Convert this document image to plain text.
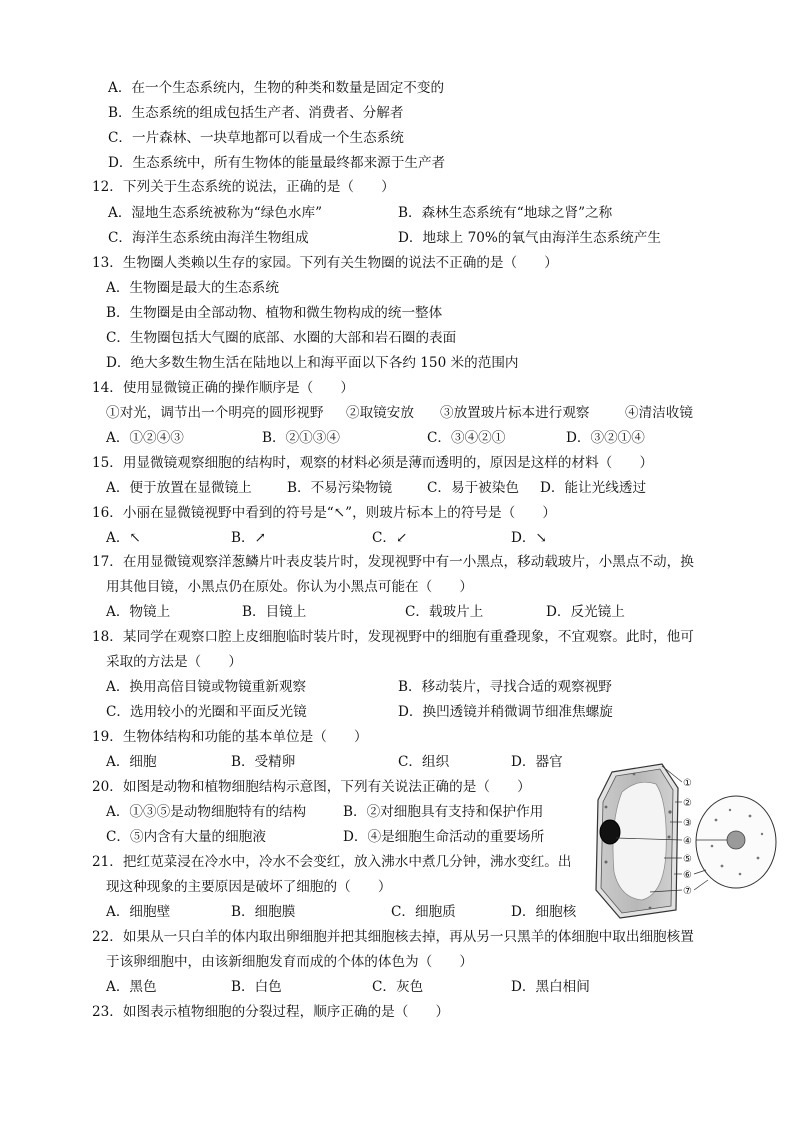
A．在一个生态系统内，生物的种类和数量是固定不变的
B．生态系统的组成包括生产者、消费者、分解者
C．一片森林、一块草地都可以看成一个生态系统
D．生态系统中，所有生物体的能量最终都来源于生产者
12．下列关于生态系统的说法，正确的是（　　）
A．湿地生态系统被称为“绿色水库”	B．森林生态系统有“地球之肾”之称
C．海洋生态系统由海洋生物组成	D．地球上 70%的氧气由海洋生态系统产生
13．生物圈人类赖以生存的家园。下列有关生物圈的说法不正确的是（　　）
A．生物圈是最大的生态系统
B．生物圈是由全部动物、植物和微生物构成的统一整体
C．生物圈包括大气圈的底部、水圈的大部和岩石圈的表面
D．绝大多数生物生活在陆地以上和海平面以下各约 150 米的范围内
14．使用显微镜正确的操作顺序是（　　）
①对光，调节出一个明亮的圆形视野 ②取镜安放 ③放置玻片标本进行观察	④清洁收镜
A．①②④③	B．②①③④	C．③④②①	D．③②①④
15．用显微镜观察细胞的结构时，观察的材料必须是薄而透明的，原因是这样的材料（　　）
A．便于放置在显微镜上	B．不易污染物镜	C．易于被染色 D．能让光线透过
16．小丽在显微镜视野中看到的符号是“↖”，则玻片标本上的符号是（　　）
A．↖	B．↗	C．↙	D．↘
17．在用显微镜观察洋葱鳞片叶表皮装片时，发现视野中有一小黑点，移动载玻片，小黑点不动，换
用其他目镜，小黑点仍在原处。你认为小黑点可能在（　　）
A．物镜上	B．目镜上	C．载玻片上	D．反光镜上
18．某同学在观察口腔上皮细胞临时装片时，发现视野中的细胞有重叠现象，不宜观察。此时，他可
采取的方法是（　　）
A．换用高倍目镜或物镜重新观察	B．移动装片，寻找合适的观察视野
C．选用较小的光圈和平面反光镜	D．换凹透镜并稍微调节细准焦螺旋
19．生物体结构和功能的基本单位是（　　）
A．细胞	B．受精卵	C．组织	D．器官
20．如图是动物和植物细胞结构示意图，下列有关说法正确的是（　　）
A．①③⑤是动物细胞特有的结构	B．②对细胞具有支持和保护作用
C．⑤内含有大量的细胞液	D．④是细胞生命活动的重要场所
21．把红苋菜浸在冷水中，冷水不会变红，放入沸水中煮几分钟，沸水变红。出
现这种现象的主要原因是破坏了细胞的（　　）
A．细胞壁	B．细胞膜	C．细胞质	D．细胞核
22．如果从一只白羊的体内取出卵细胞并把其细胞核去掉，再从另一只黑羊的体细胞中取出细胞核置
于该卵细胞中，由该新细胞发育而成的个体的体色为（　　）
A．黑色	B．白色	C．灰色	D．黑白相间
23．如图表示植物细胞的分裂过程，顺序正确的是（　　）
①
②
③
④
⑤
⑥
⑦
